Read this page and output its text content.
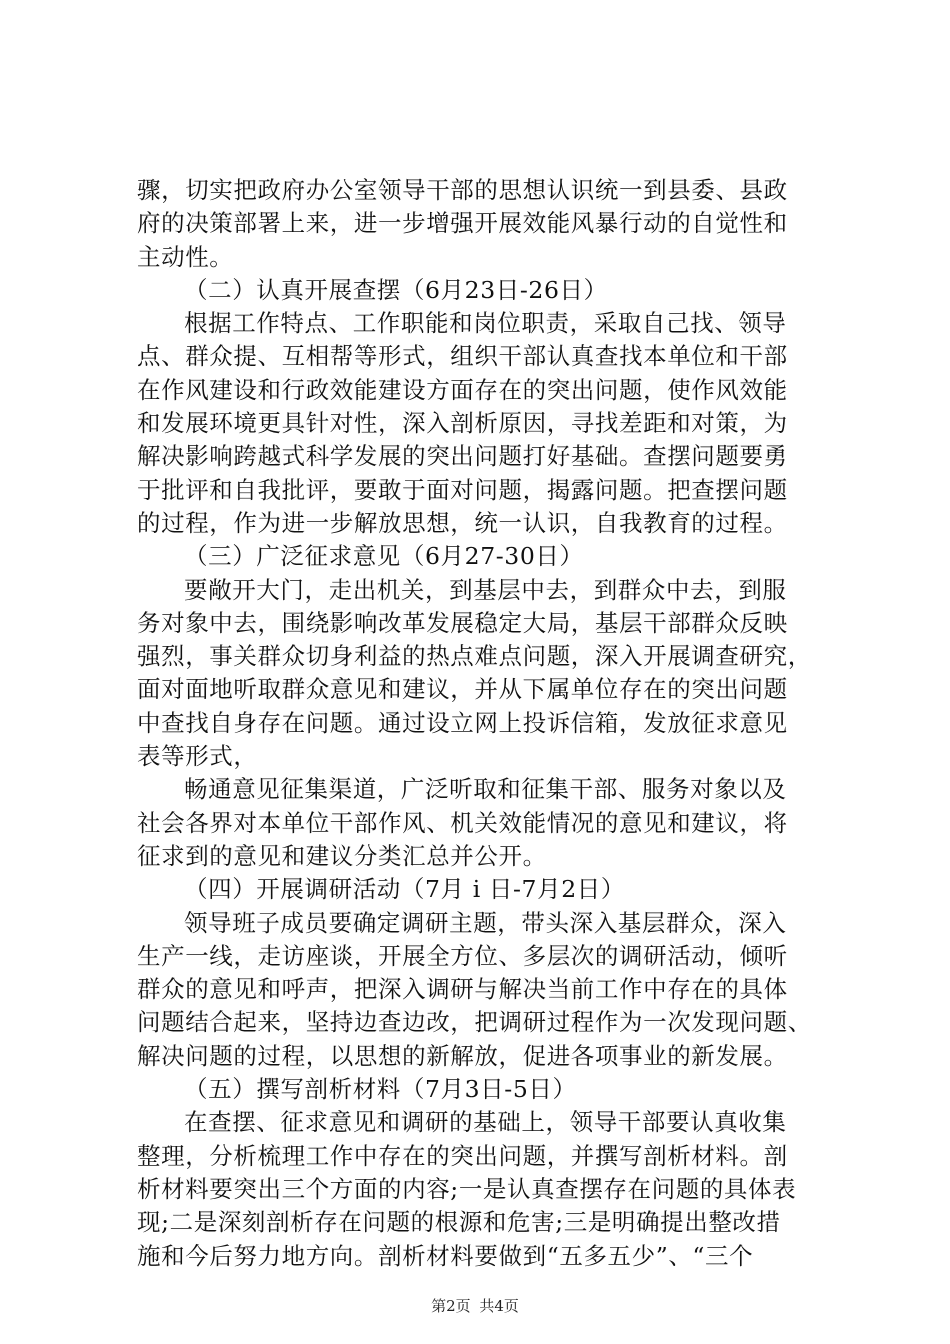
骤，切实把政府办公室领导干部的思想认识统一到县委、县政
府的决策部署上来，进一步增强开展效能风暴行动的自觉性和
主动性。
（二）认真开展查摆（6月23日-26日）
根据工作特点、工作职能和岗位职责，采取自己找、领导
点、群众提、互相帮等形式，组织干部认真查找本单位和干部
在作风建设和行政效能建设方面存在的突出问题，使作风效能
和发展环境更具针对性，深入剖析原因，寻找差距和对策，为
解决影响跨越式科学发展的突出问题打好基础。查摆问题要勇
于批评和自我批评，要敢于面对问题，揭露问题。把查摆问题
的过程，作为进一步解放思想，统一认识，自我教育的过程。
（三）广泛征求意见（6月27-30日）
要敞开大门，走出机关，到基层中去，到群众中去，到服
务对象中去，围绕影响改革发展稳定大局，基层干部群众反映
强烈，事关群众切身利益的热点难点问题，深入开展调查研究，
面对面地听取群众意见和建议，并从下属单位存在的突出问题
中查找自身存在问题。通过设立网上投诉信箱，发放征求意见
表等形式，
畅通意见征集渠道，广泛听取和征集干部、服务对象以及
社会各界对本单位干部作风、机关效能情况的意见和建议，将
征求到的意见和建议分类汇总并公开。
（四）开展调研活动（7月 i 日-7月2日）
领导班子成员要确定调研主题，带头深入基层群众，深入
生产一线，走访座谈，开展全方位、多层次的调研活动，倾听
群众的意见和呼声，把深入调研与解决当前工作中存在的具体
问题结合起来，坚持边查边改，把调研过程作为一次发现问题、
解决问题的过程，以思想的新解放，促进各项事业的新发展。
（五）撰写剖析材料（7月3日-5日）
在查摆、征求意见和调研的基础上，领导干部要认真收集
整理，分析梳理工作中存在的突出问题，并撰写剖析材料。剖
析材料要突出三个方面的内容;一是认真查摆存在问题的具体表
现;二是深刻剖析存在问题的根源和危害;三是明确提出整改措
施和今后努力地方向。剖析材料要做到“五多五少”、“三个
第2页 共4页
